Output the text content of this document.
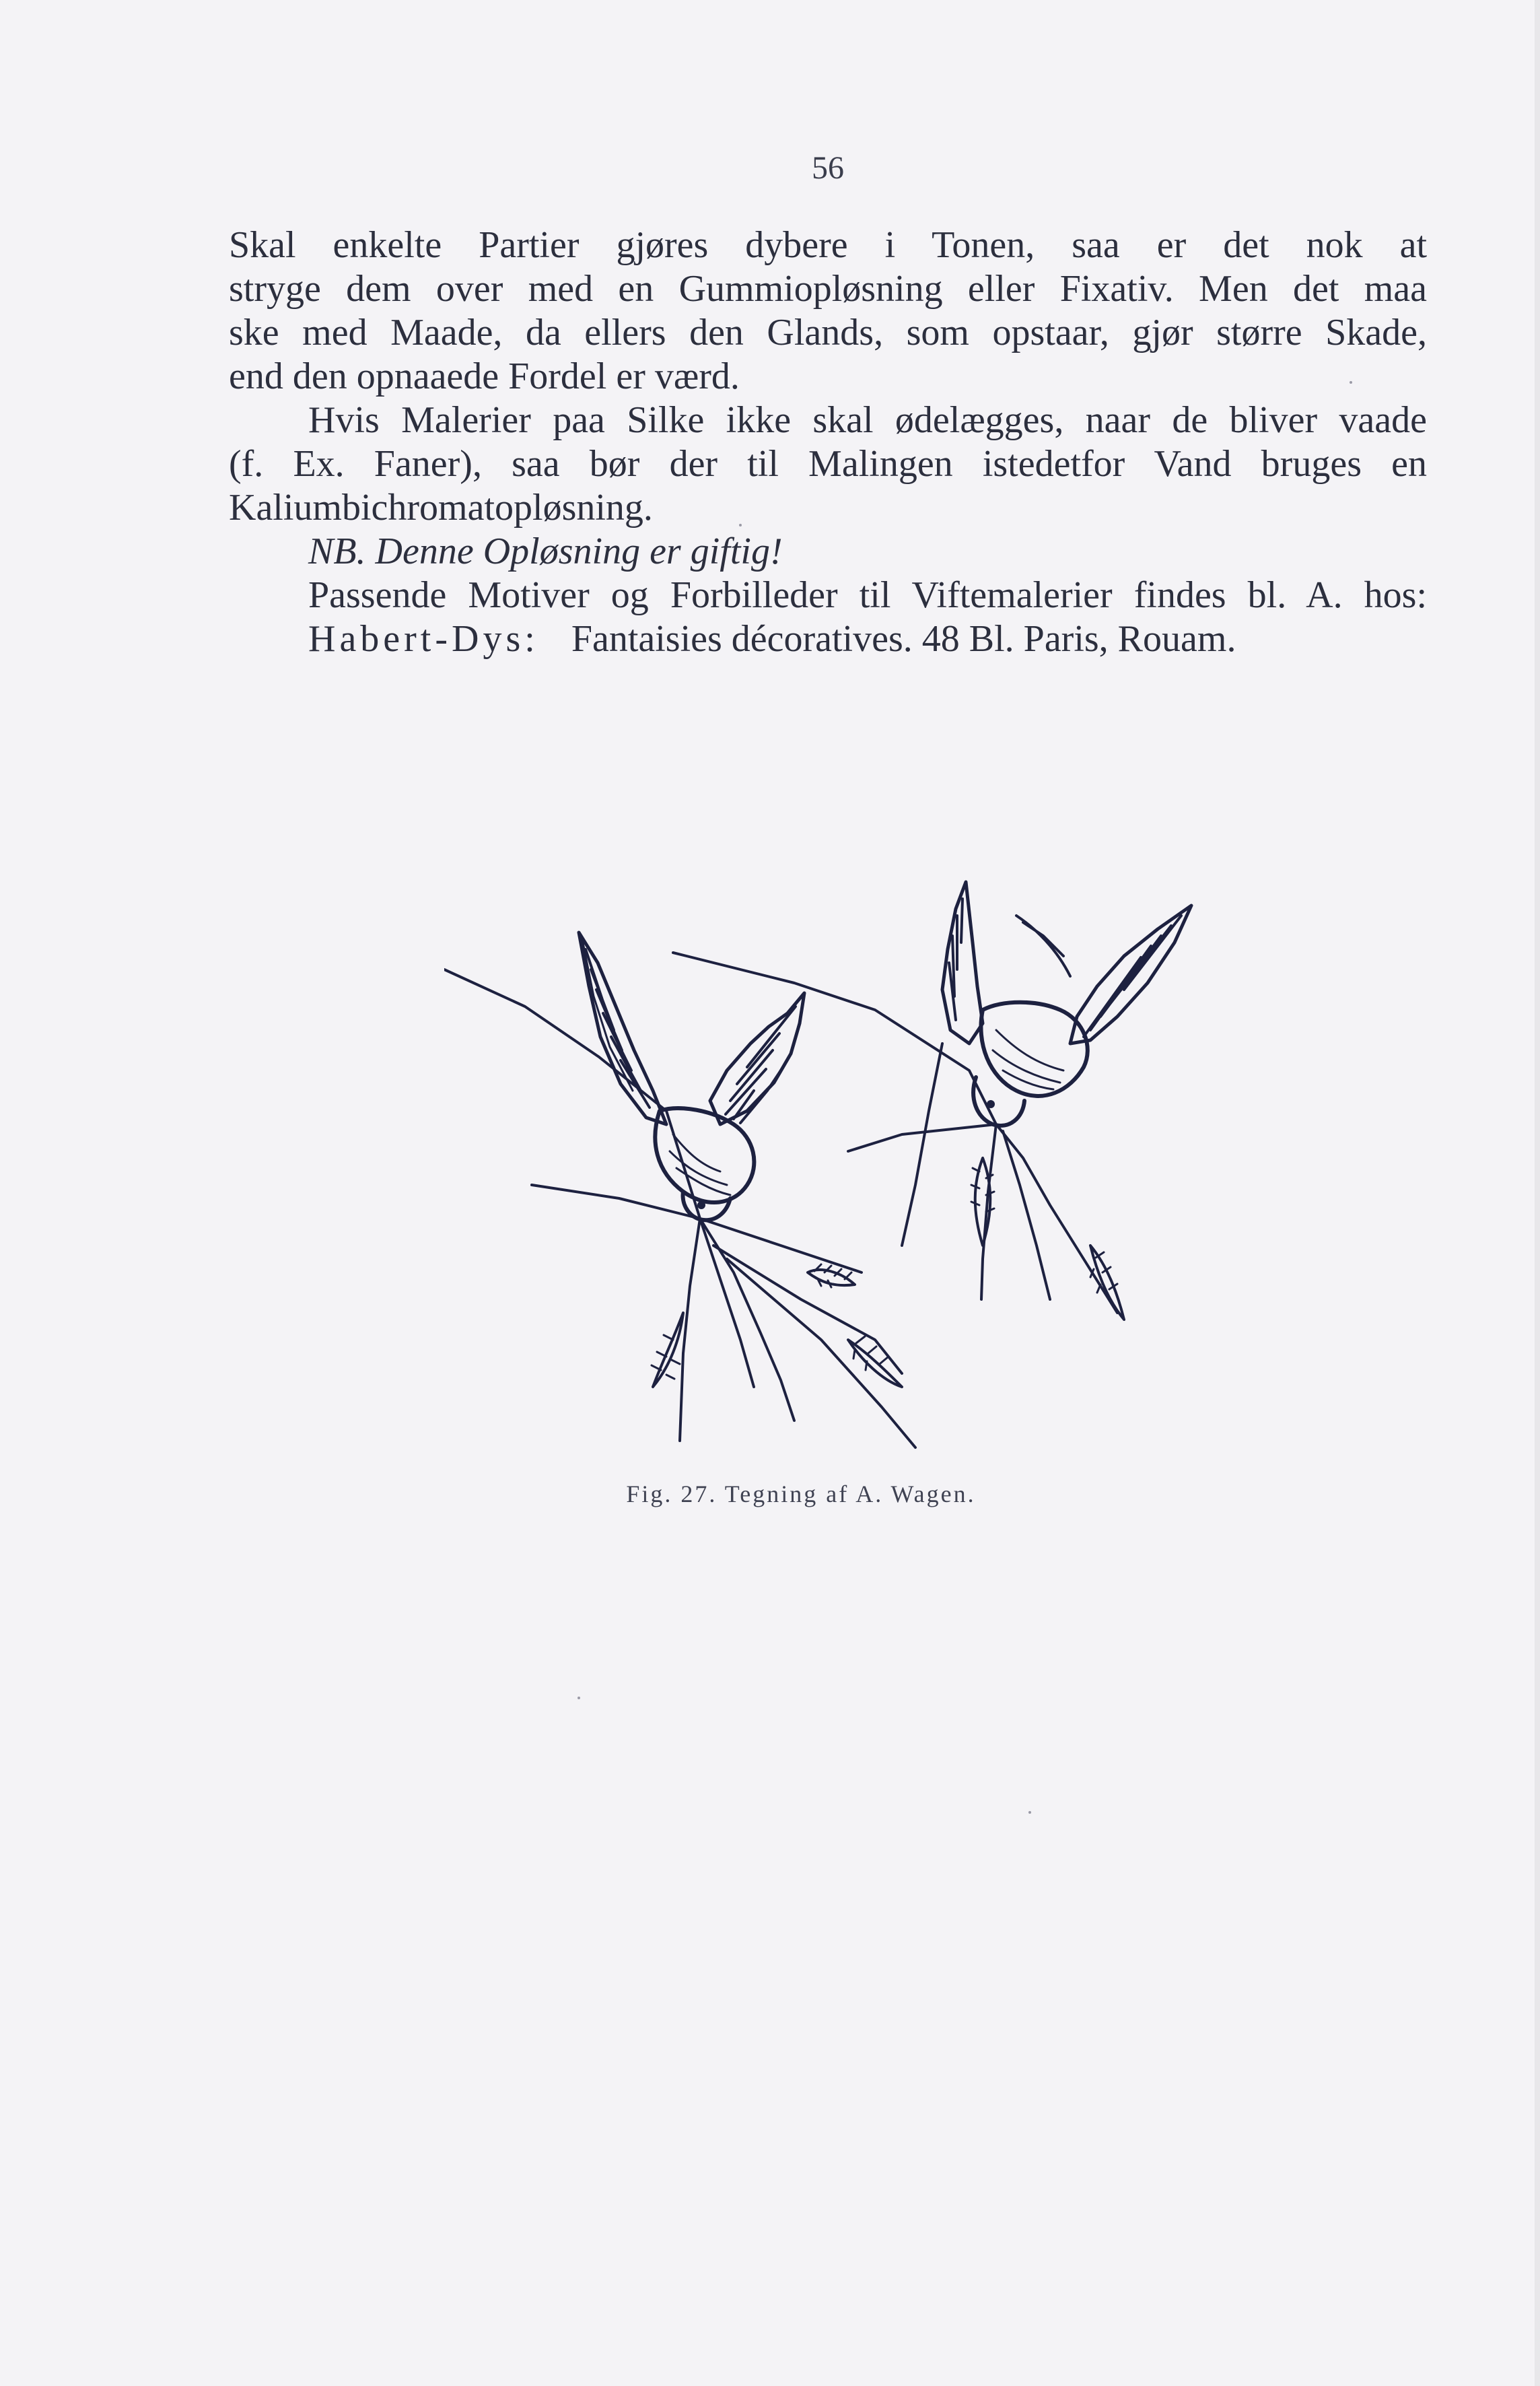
56
Skal enkelte Partier gjøres dybere i Tonen, saa er det nok at
stryge dem over med en Gummiopløsning eller Fixativ. Men det maa
ske med Maade, da ellers den Glands, som opstaar, gjør større Skade,
end den opnaaede Fordel er værd.
Hvis Malerier paa Silke ikke skal ødelægges, naar de bliver vaade
(f. Ex. Faner), saa bør der til Malingen istedetfor Vand bruges en
Kaliumbichromatopløsning.
NB. Denne Opløsning er giftig!
Passende Motiver og Forbilleder til Viftemalerier findes bl. A. hos:
Habert-Dys: Fantaisies décoratives. 48 Bl. Paris, Rouam.
Fig. 27. Tegning af A. Wagen.
